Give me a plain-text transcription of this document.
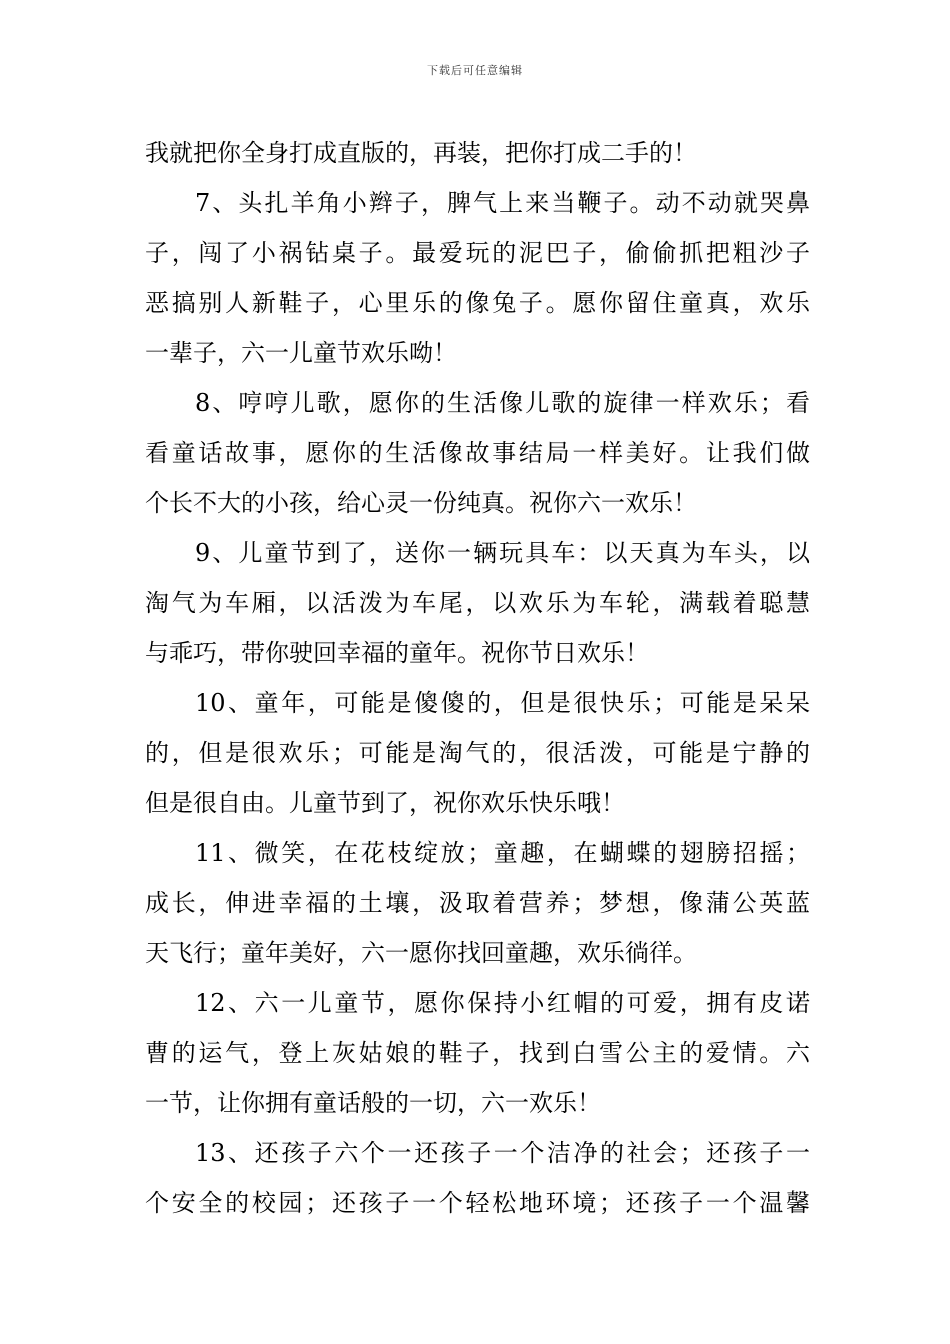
下载后可任意编辑
我就把你全身打成直版的，再装，把你打成二手的！
7、头扎羊角小辫子，脾气上来当鞭子。动不动就哭鼻
子，闯了小祸钻桌子。最爱玩的泥巴子，偷偷抓把粗沙子
恶搞别人新鞋子，心里乐的像兔子。愿你留住童真，欢乐
一辈子，六一儿童节欢乐呦！
8、哼哼儿歌，愿你的生活像儿歌的旋律一样欢乐；看
看童话故事，愿你的生活像故事结局一样美好。让我们做
个长不大的小孩，给心灵一份纯真。祝你六一欢乐！
9、儿童节到了，送你一辆玩具车：以天真为车头，以
淘气为车厢，以活泼为车尾，以欢乐为车轮，满载着聪慧
与乖巧，带你驶回幸福的童年。祝你节日欢乐！
10、童年，可能是傻傻的，但是很快乐；可能是呆呆
的，但是很欢乐；可能是淘气的，很活泼，可能是宁静的
但是很自由。儿童节到了，祝你欢乐快乐哦！
11、微笑，在花枝绽放；童趣，在蝴蝶的翅膀招摇；
成长，伸进幸福的土壤，汲取着营养；梦想，像蒲公英蓝
天飞行；童年美好，六一愿你找回童趣，欢乐徜徉。
12、六一儿童节，愿你保持小红帽的可爱，拥有皮诺
曹的运气，登上灰姑娘的鞋子，找到白雪公主的爱情。六
一节，让你拥有童话般的一切，六一欢乐！
13、还孩子六个一还孩子一个洁净的社会；还孩子一
个安全的校园；还孩子一个轻松地环境；还孩子一个温馨
